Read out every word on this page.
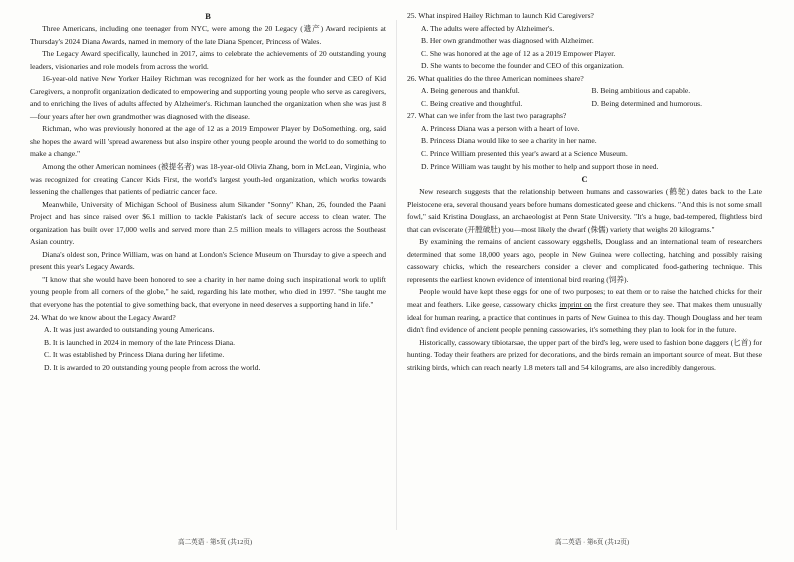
B

Three Americans, including one teenager from NYC, were among the 20 Legacy (遗产) Award recipients at Thursday's 2024 Diana Awards, named in memory of the late Diana Spencer, Princess of Wales.

The Legacy Award specifically, launched in 2017, aims to celebrate the achievements of 20 outstanding young leaders, visionaries and role models from across the world.

16-year-old native New Yorker Hailey Richman was recognized for her work as the founder and CEO of Kid Caregivers, a nonprofit organization dedicated to empowering and supporting young people who serve as caregivers, and to enriching the lives of adults affected by Alzheimer's. Richman launched the organization when she was just 8—four years after her own grandmother was diagnosed with the disease.

Richman, who was previously honored at the age of 12 as a 2019 Empower Player by DoSomething. org, said she hopes the award will 'spread awareness but also inspire other young people around the world to do something to make a change."

Among the other American nominees (被提名者) was 18-year-old Olivia Zhang, born in McLean, Virginia, who was recognized for creating Cancer Kids First, the world's largest youth-led organization, which works towards lessening the challenges that patients of pediatric cancer face.

Meanwhile, University of Michigan School of Business alum Sikander "Sonny" Khan, 26, founded the Paani Project and has since raised over $6.1 million to tackle Pakistan's lack of secure access to clean water. The organization has built over 17,000 wells and served more than 2.5 million meals to villagers across the Southeast Asian country.

Diana's oldest son, Prince William, was on hand at London's Science Museum on Thursday to give a speech and present this year's Legacy Awards.

"I know that she would have been honored to see a charity in her name doing such inspirational work to uplift young people from all corners of the globe," he said, regarding his late mother, who died in 1997. "She taught me that everyone has the potential to give something back, that everyone in need deserves a supporting hand in life."

24. What do we know about the Legacy Award?
A. It was just awarded to outstanding young Americans.
B. It is launched in 2024 in memory of the late Princess Diana.
C. It was established by Princess Diana during her lifetime.
D. It is awarded to 20 outstanding young people from across the world.
25. What inspired Hailey Richman to launch Kid Caregivers?
A. The adults were affected by Alzheimer's.
B. Her own grandmother was diagnosed with Alzheimer.
C. She was honored at the age of 12 as a 2019 Empower Player.
D. She wants to become the founder and CEO of this organization.
26. What qualities do the three American nominees share?
A. Being generous and thankful.	B. Being ambitious and capable.
C. Being creative and thoughtful.	D. Being determined and humorous.
27. What can we infer from the last two paragraphs?
A. Princess Diana was a person with a heart of love.
B. Princess Diana would like to see a charity in her name.
C. Prince William presented this year's award at a Science Museum.
D. Prince William was taught by his mother to help and support those in need.
C

New research suggests that the relationship between humans and cassowaries (鹤鸵) dates back to the Late Pleistocene era, several thousand years before humans domesticated geese and chickens. "And this is not some small fowl," said Kristina Douglass, an archaeologist at Penn State University. "It's a huge, bad-tempered, flightless bird that can eviscerate (开膛破肚) you—most likely the dwarf (侏儒) variety that weighs 20 kilograms."

By examining the remains of ancient cassowary eggshells, Douglass and an international team of researchers determined that some 18,000 years ago, people in New Guinea were collecting, hatching and possibly raising cassowary chicks, which the researchers consider a clever and complicated food-gathering technique. This represents the earliest known evidence of intentional bird rearing (饲养).

People would have kept these eggs for one of two purposes; to eat them or to raise the hatched chicks for their meat and feathers. Like geese, cassowary chicks imprint on the first creature they see. That makes them unusually ideal for human rearing, a practice that continues in parts of New Guinea to this day. Though Douglass and her team didn't find evidence of ancient people penning cassowaries, it's something they plan to look for in the future.

Historically, cassowary tibiotarsae, the upper part of the bird's leg, were used to fashion bone daggers (匕首) for hunting. Today their feathers are prized for decorations, and the birds remain an important source of meat. But these striking birds, which can reach nearly 1.8 meters tall and 54 kilograms, are also incredibly dangerous.

高二英语 · 第5页 (共12页)	高二英语 · 第6页 (共12页)
